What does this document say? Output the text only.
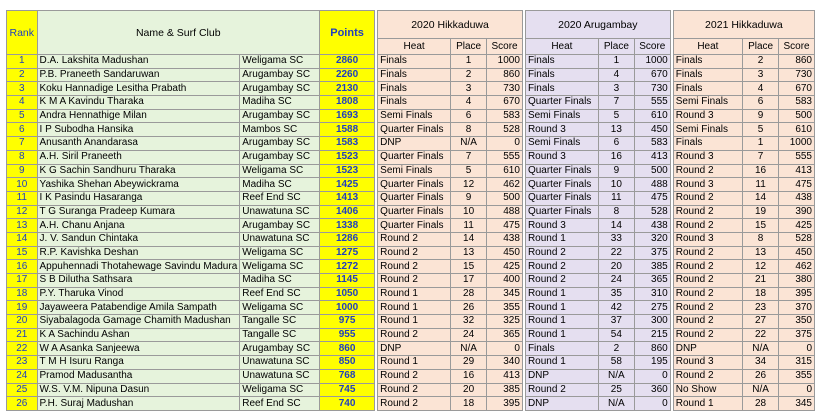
Rank	Name & Surf Club		Points		2020 Hikkaduwa				2020 Arugambay				2021 Hikkaduwa		
					Heat	Place	Score		Heat	Place	Score		Heat	Place	Score
1	D.A. Lakshita Madushan	Weligama SC	2860		Finals	1	1000		Finals	1	1000		Finals	2	860
2	P.B. Praneeth Sandaruwan	Arugambay SC	2260		Finals	2	860		Finals	4	670		Finals	3	730
3	Koku Hannadige Lesitha Prabath	Arugambay SC	2130		Finals	3	730		Finals	3	730		Finals	4	670
4	K M A Kavindu Tharaka	Madiha SC	1808		Finals	4	670		Quarter Finals	7	555		Semi Finals	6	583
5	Andra Hennathige Milan	Arugambay SC	1693		Semi Finals	6	583		Semi Finals	5	610		Round 3	9	500
6	I P Subodha Hansika	Mambos SC	1588		Quarter Finals	8	528		Round 3	13	450		Semi Finals	5	610
7	Anusanth Anandarasa	Arugambay SC	1583		DNP	N/A	0		Semi Finals	6	583		Finals	1	1000
8	A.H. Siril Praneeth	Arugambay SC	1523		Quarter Finals	7	555		Round 3	16	413		Round 3	7	555
9	K G Sachin Sandhuru Tharaka	Weligama SC	1523		Semi Finals	5	610		Quarter Finals	9	500		Round 2	16	413
10	Yashika Shehan Abeywickrama	Madiha SC	1425		Quarter Finals	12	462		Quarter Finals	10	488		Round 3	11	475
11	I K Pasindu Hasaranga	Reef End SC	1413		Quarter Finals	9	500		Quarter Finals	11	475		Round 2	14	438
12	T G Suranga Pradeep Kumara	Unawatuna SC	1406		Quarter Finals	10	488		Quarter Finals	8	528		Round 2	19	390
13	A.H. Chanu Anjana	Arugambay SC	1338		Quarter Finals	11	475		Round 3	14	438		Round 2	15	425
14	J. V. Sandun Chintaka	Unawatuna SC	1286		Round 2	14	438		Round 1	33	320		Round 3	8	528
15	R.P. Kavishka Deshan	Weligama SC	1275		Round 2	13	450		Round 2	22	375		Round 2	13	450
16	Appuhennadi Thotahewage Savindu Madura	Weligama SC	1272		Round 2	15	425		Round 2	20	385		Round 2	12	462
17	S B Dilutha Sathsara	Madiha SC	1145		Round 2	17	400		Round 2	24	365		Round 2	21	380
18	P.Y. Tharuka Vinod	Reef End SC	1050		Round 1	28	345		Round 1	35	310		Round 2	18	395
19	Jayaweera Patabendige Amila Sampath	Weligama SC	1000		Round 1	26	355		Round 1	42	275		Round 2	23	370
20	Siyabalagoda Gamage Chamith Madushan	Tangalle SC	975		Round 1	32	325		Round 1	37	300		Round 2	27	350
21	K A Sachindu Ashan	Tangalle SC	955		Round 2	24	365		Round 1	54	215		Round 2	22	375
22	W A Asanka Sanjeewa	Arugambay SC	860		DNP	N/A	0		Finals	2	860		DNP	N/A	0
23	T M H Isuru Ranga	Unawatuna SC	850		Round 1	29	340		Round 1	58	195		Round 3	34	315
24	Pramod Madusantha	Unawatuna SC	768		Round 2	16	413		DNP	N/A	0		Round 2	26	355
25	W.S. V.M. Nipuna Dasun	Weligama SC	745		Round 2	20	385		Round 2	25	360		No Show	N/A	0
26	P.H. Suraj Madushan	Reef End SC	740		Round 2	18	395		DNP	N/A	0		Round 1	28	345
